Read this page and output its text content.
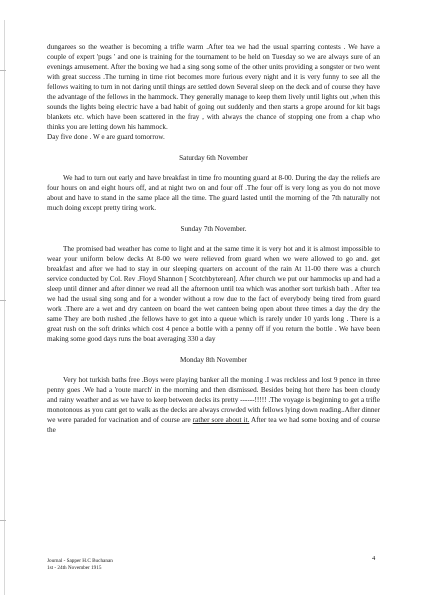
dungarees so the weather is becoming a trifle warm .After tea we had the usual sparring contests . We have a couple of expert 'pugs ' and one is training for the tournament to be held on Tuesday so we are always sure of an evenings amusement. After the boxing we had a sing song some of the other units providing a songster or two went with great success .The turning in time riot becomes more furious every night and it is very funny to see all the fellows waiting to turn in not daring until things are settled down Several sleep on the deck and of course they have the advantage of the fellows in the hammock. They generally manage to keep them lively until lights out ,when this sounds the lights being electric have a bad habit of going out suddenly and then starts a grope around for kit bags blankets etc. which have been scattered in the fray , with always the chance of stopping one from a chap who thinks you are letting down his hammock.

Day five done . W e are guard tomorrow.

Saturday 6th November

We had to turn out early and have breakfast in time fro mounting guard at 8-00. During the day the reliefs are four hours on and eight hours off, and at night two on and four off .The four off is very long as you do not move about and have to stand in the same place all the time. The guard lasted until the morning of the 7th naturally not much doing except pretty tiring work.

Sunday 7th November.

The promised bad weather has come to light and at the same time it is very hot and it is almost impossible to wear your uniform below decks At 8-00 we were relieved from guard when we were allowed to go and. get breakfast and after we had to stay in our sleeping quarters on account of the rain At 11-00 there was a church service conducted by Col. Rev .Floyd Shannon [ Scotchbyterean]. After church we put our hammocks up and had a sleep until dinner and after dinner we read all the afternoon until tea which was another sort turkish bath . After tea we had the usual sing song and for a wonder without a row due to the fact of everybody being tired from guard work .There are a wet and dry canteen on board the wet canteen being open about three times a day the dry the same They are both rushed ,the fellows have to get into a queue which is rarely under 10 yards long . There is a great rush on the soft drinks which cost 4 pence a bottle with a penny off if you return the bottle . We have been making some good days runs the boat averaging 330 a day

Monday 8th November

Very hot turkish baths free .Boys were playing banker all the moning .I was reckless and lost 9 pence in three penny goes .We had a 'route march' in the morning and then dismissed. Besides being hot there has been cloudy and rainy weather and as we have to keep between decks its pretty ------!!!!! .The voyage is beginning to get a trifle monotonous as you cant get to walk as the decks are always crowded with fellows lying down reading..After dinner we were paraded for vacination and of course are rather sore about it. After tea we had some boxing and of course the

Journal - Sapper H.C Buchanan
1st - 24th November 1915
4
